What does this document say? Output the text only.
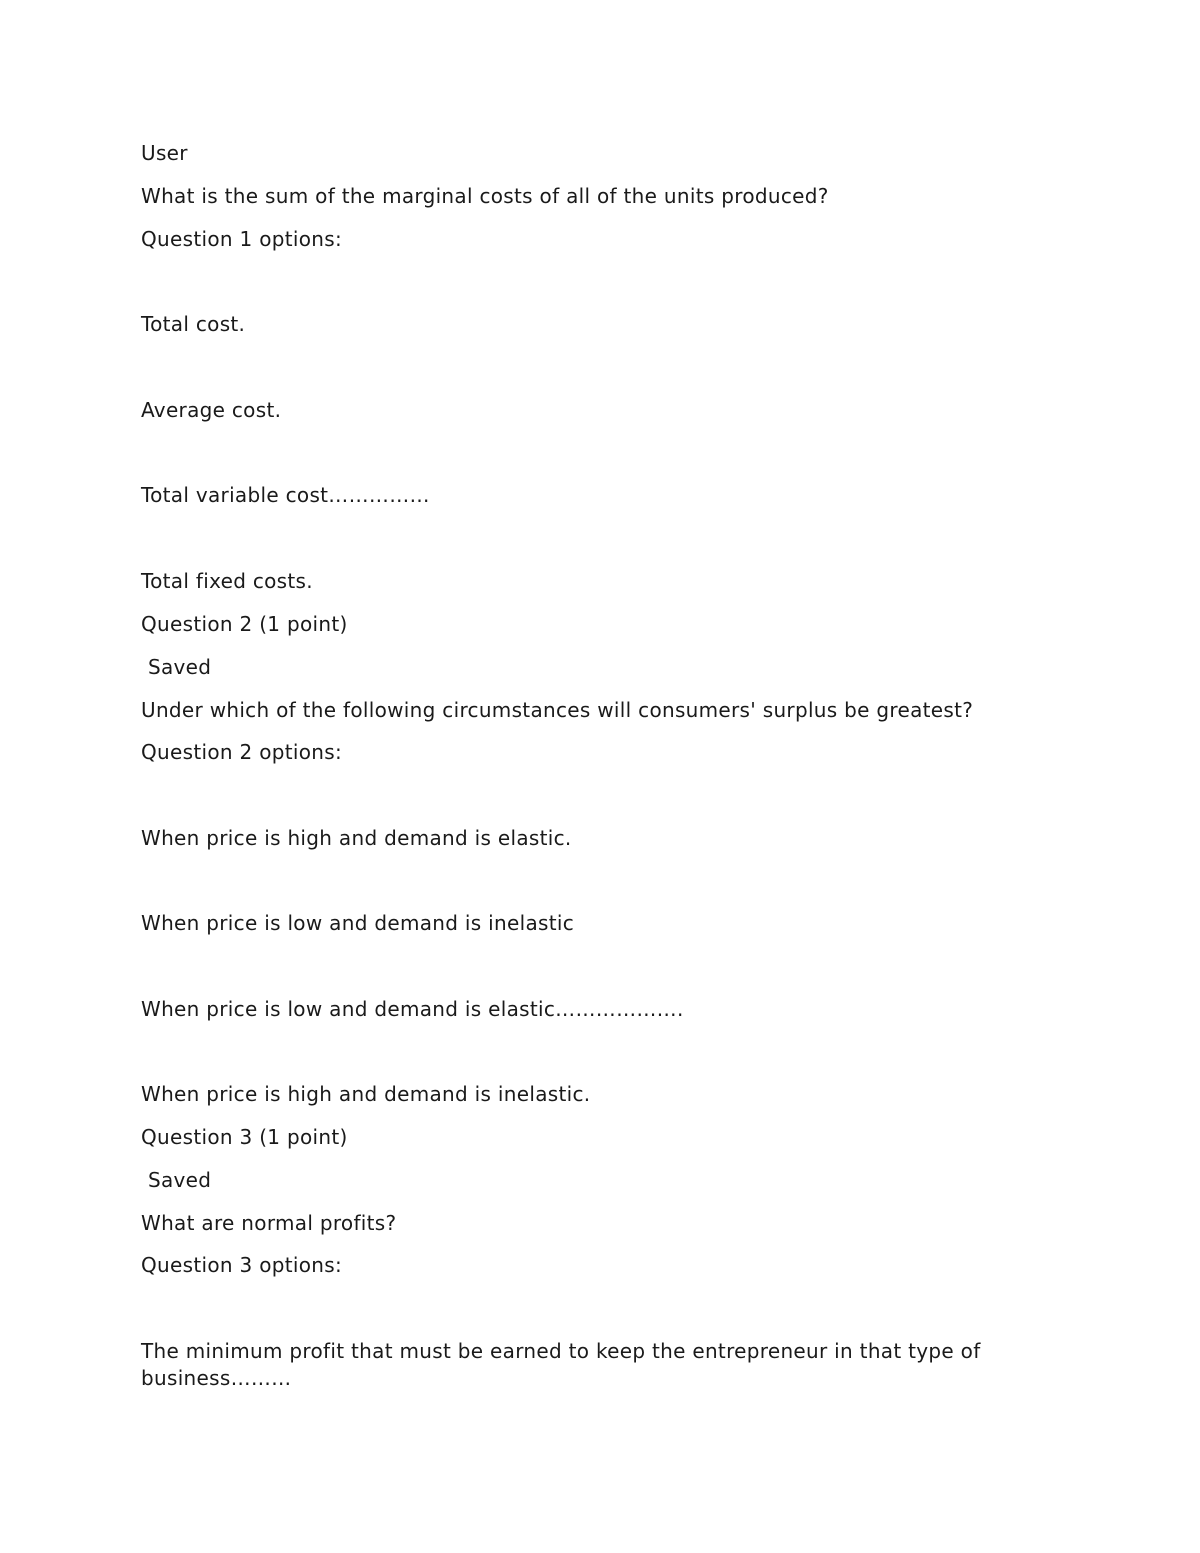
User

What is the sum of the marginal costs of all of the units produced?

Question 1 options:

Total cost.

Average cost.

Total variable cost……………

Total fixed costs.

Question 2 (1 point)

Saved

Under which of the following circumstances will consumers' surplus be greatest?

Question 2 options:

When price is high and demand is elastic.

When price is low and demand is inelastic

When price is low and demand is elastic……………….

When price is high and demand is inelastic.

Question 3 (1 point)

Saved

What are normal profits?

Question 3 options:

The minimum profit that must be earned to keep the entrepreneur in that type of business………
